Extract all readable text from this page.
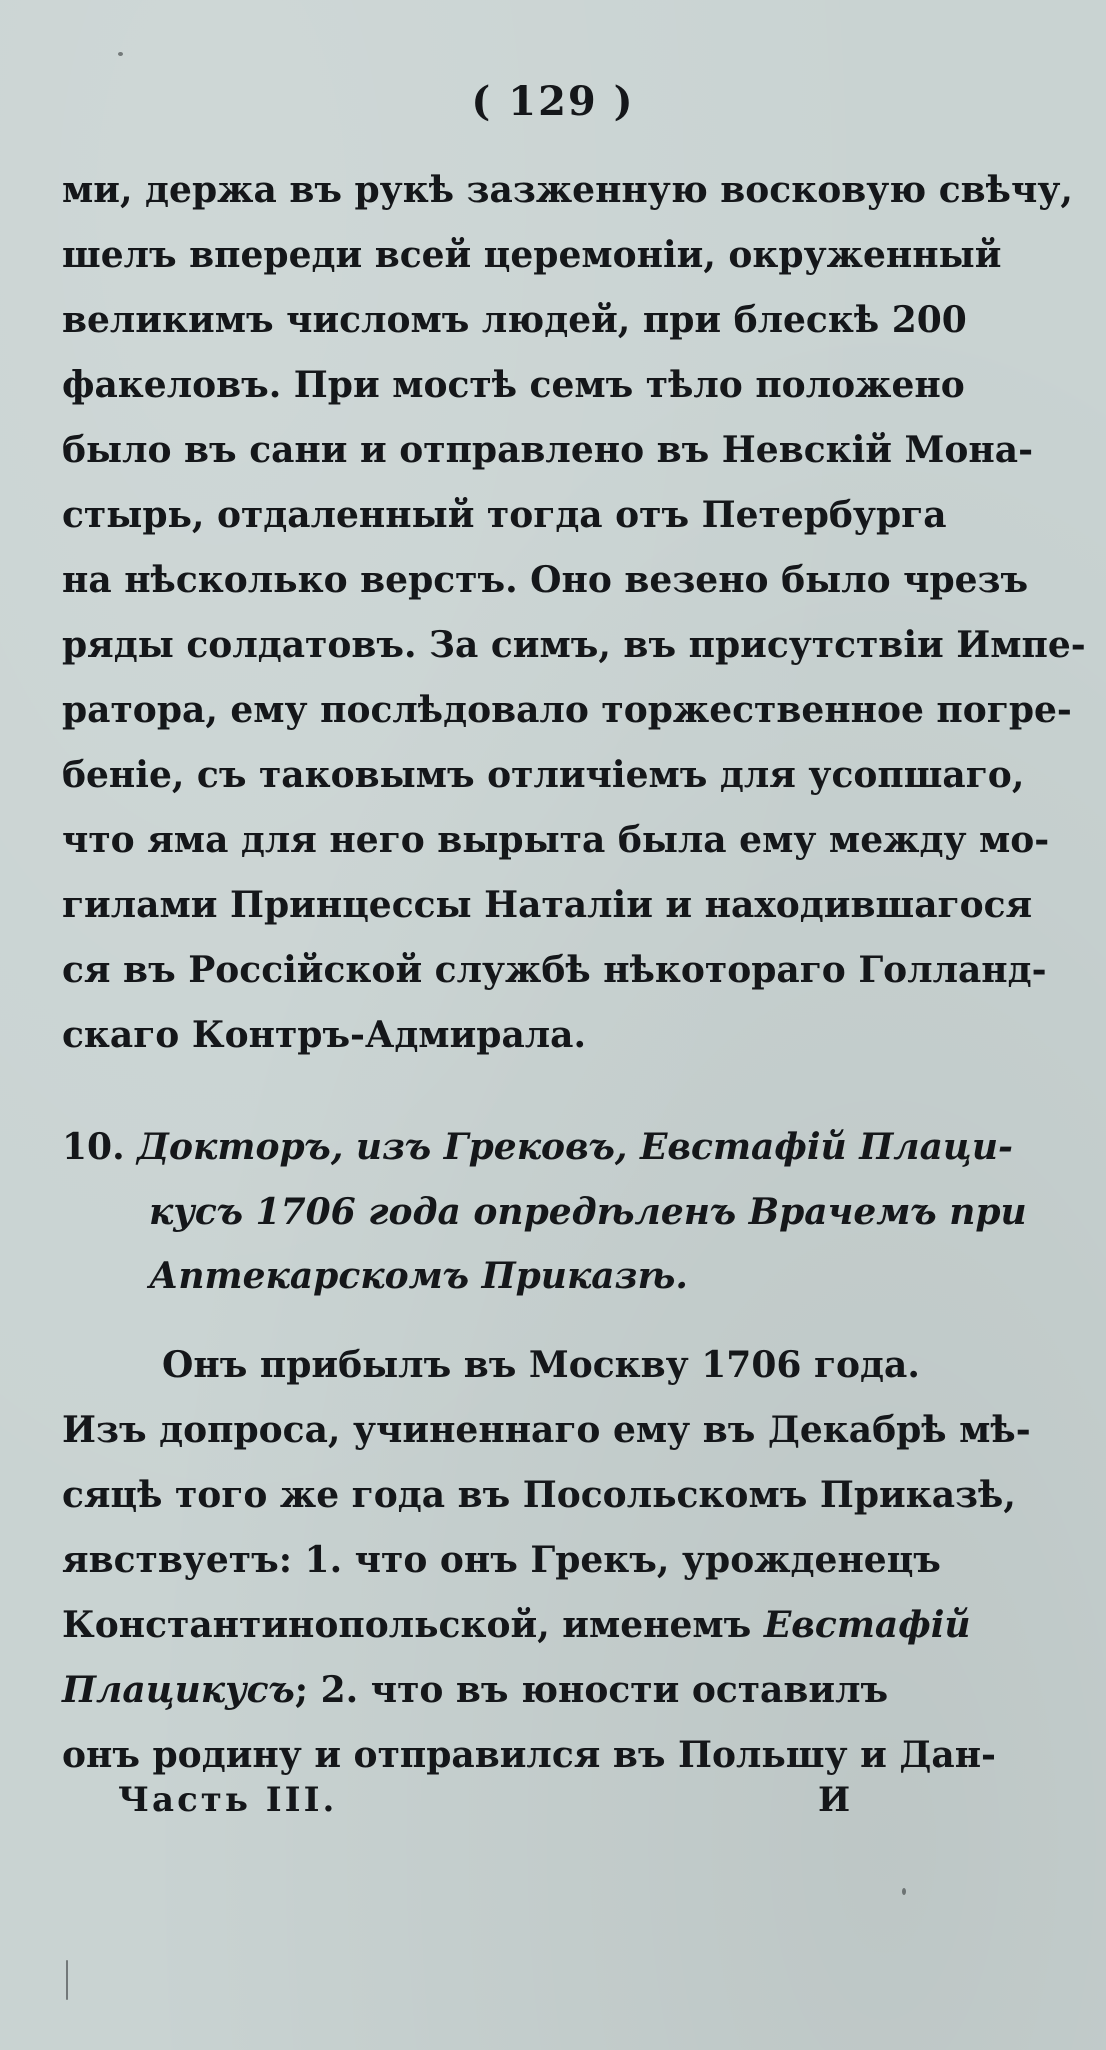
( 129 )
ми, держа въ рукѣ зазженную восковую свѣчу,
шелъ впереди всей церемоніи, окруженный
великимъ числомъ людей, при блескѣ 200
факеловъ. При мостѣ семъ тѣло положено
было въ сани и отправлено въ Невскій Мона-
стырь, отдаленный тогда отъ Петербурга
на нѣсколько верстъ. Оно везено было чрезъ
ряды солдатовъ. За симъ, въ присутствіи Импе-
ратора, ему послѣдовало торжественное погре-
беніе, съ таковымъ отличіемъ для усопшаго,
что яма для него вырыта была ему между мо-
гилами Принцессы Наталіи и находившагося
ся въ Россійской службѣ нѣкотораго Голланд-
скаго Контръ-Адмирала.
10. Докторъ, изъ Грековъ, Евстафій Плаци-
кусъ 1706 года опредѣленъ Врачемъ при
Аптекарскомъ Приказѣ.
Онъ прибылъ въ Москву 1706 года.
Изъ допроса, учиненнаго ему въ Декабрѣ мѣ-
сяцѣ того же года въ Посольскомъ Приказѣ,
явствуетъ: 1. что онъ Грекъ, урожденецъ
Константинопольской, именемъ Евстафій
Плацикусъ; 2. что въ юности оставилъ
онъ родину и отправился въ Польшу и Дан-
Часть III.	И
